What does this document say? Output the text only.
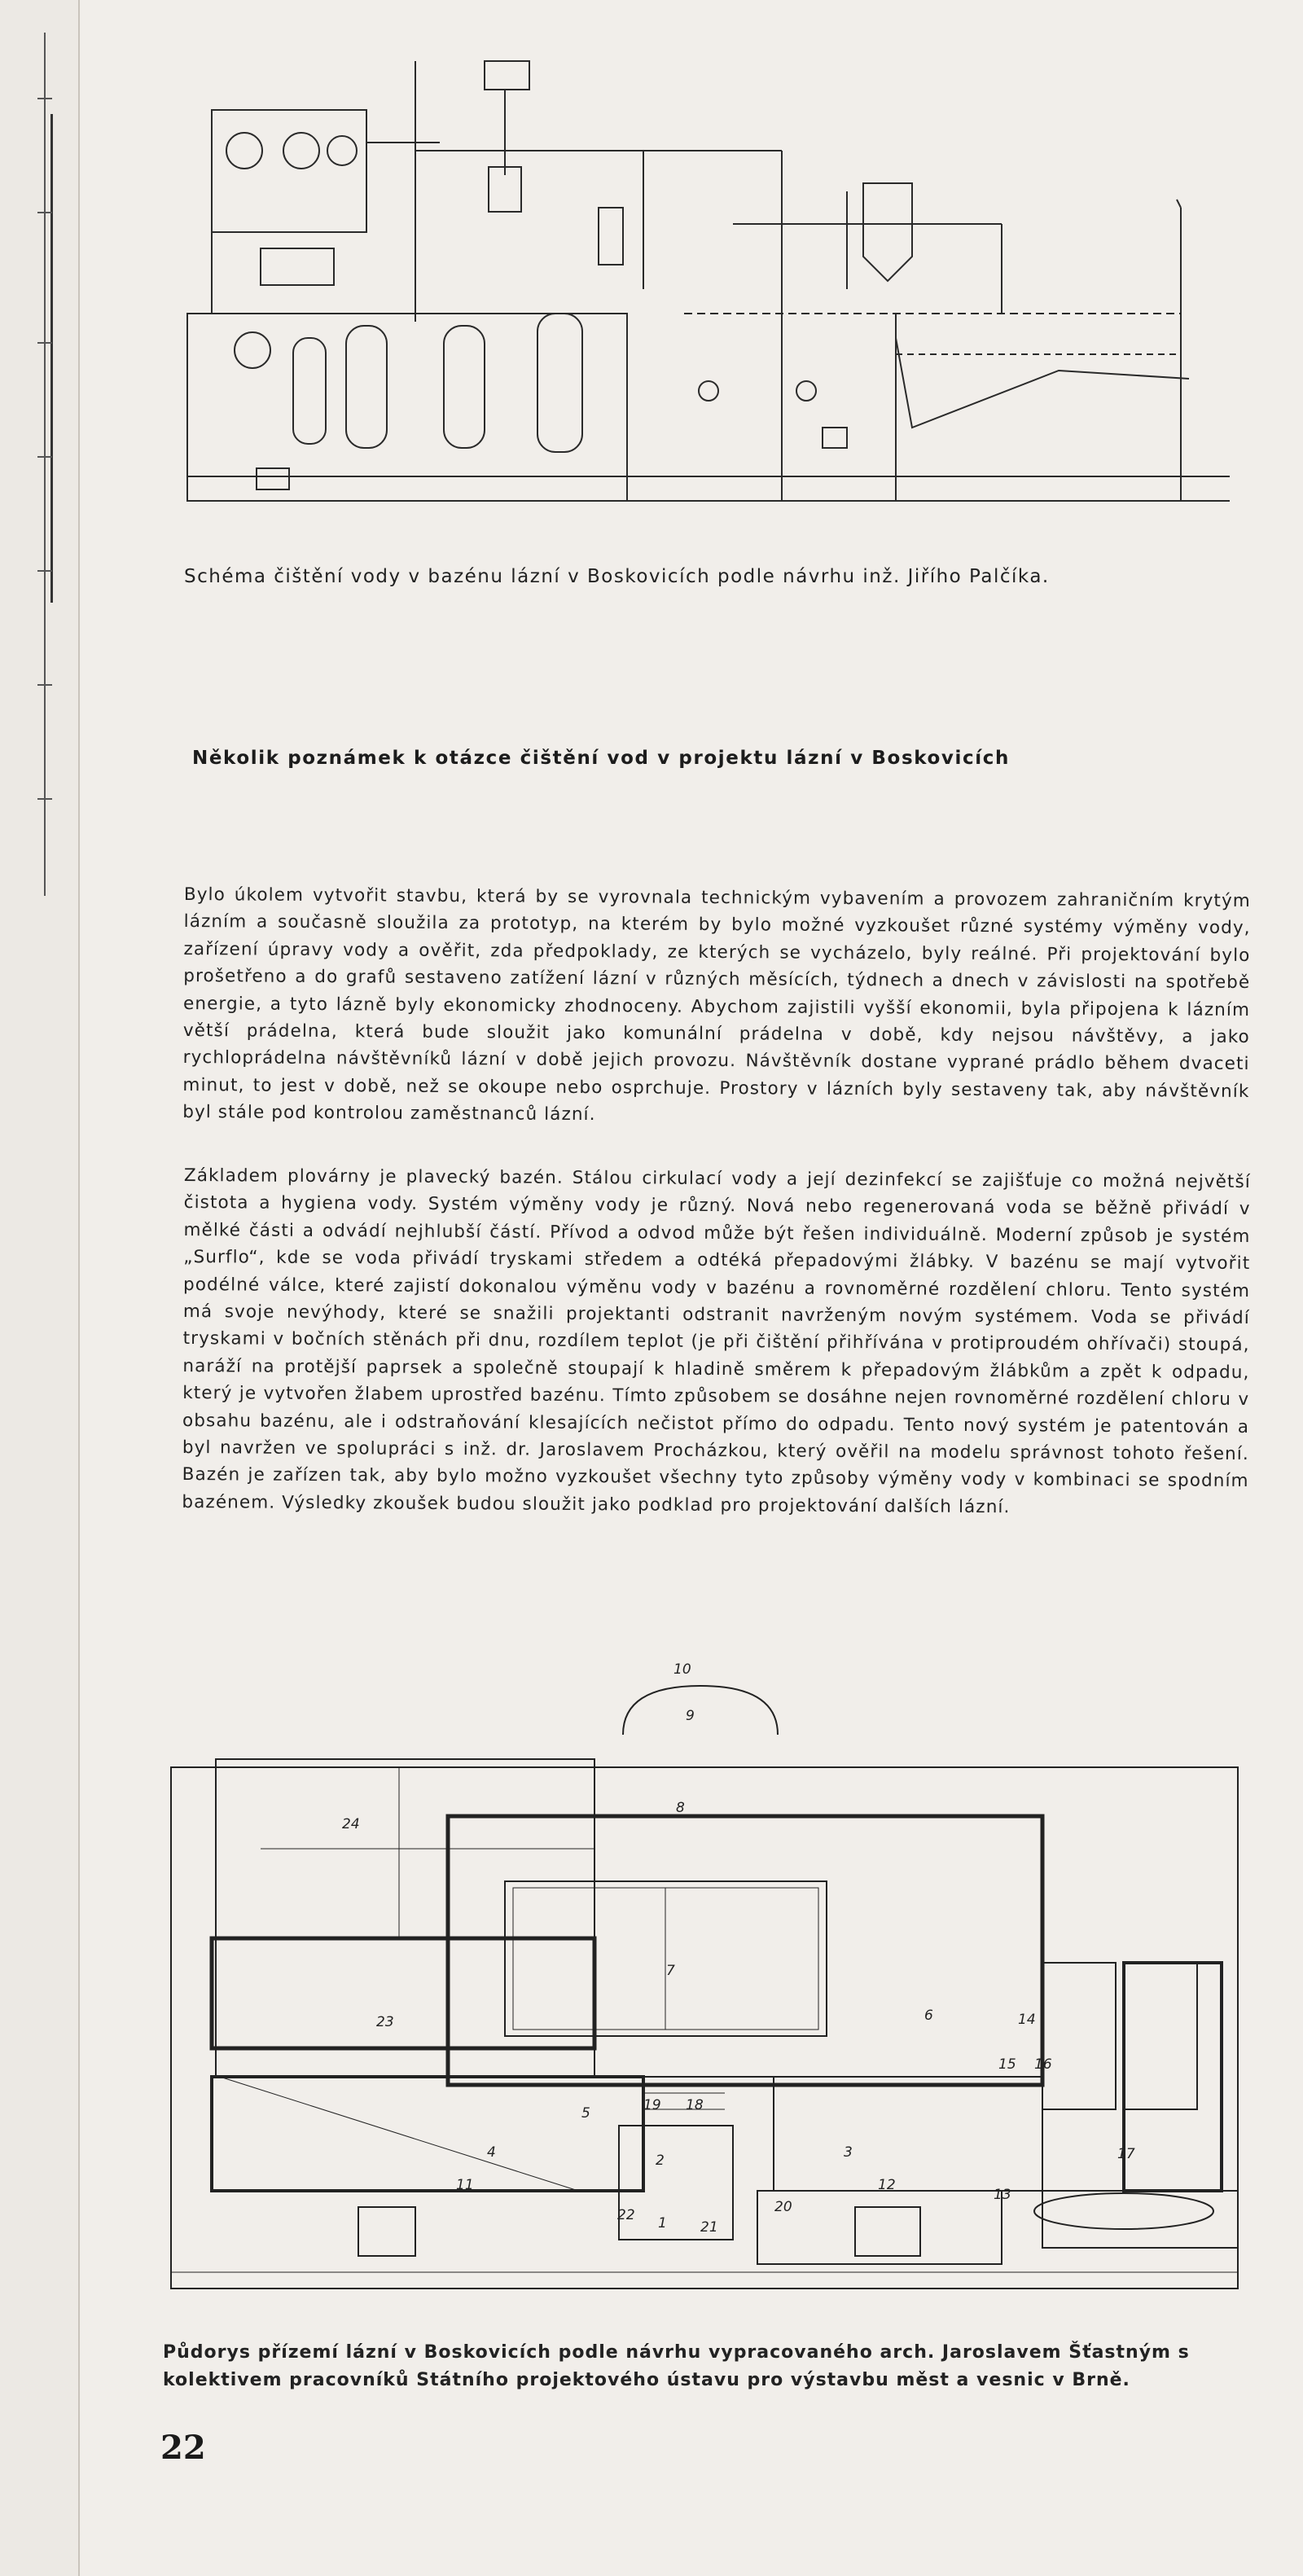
Schéma čištění vody v bazénu lázní v Boskovicích podle návrhu inž. Jiřího Palčíka.
Několik poznámek k otázce čištění vod v projektu lázní v Boskovicích

Bylo úkolem vytvořit stavbu, která by se vyrovnala technickým vybavením a provozem zahraničním krytým lázním a současně sloužila za prototyp, na kterém by bylo možné vyzkoušet různé systémy výměny vody, zařízení úpravy vody a ověřit, zda předpoklady, ze kterých se vycházelo, byly reálné. Při projektování bylo prošetřeno a do grafů sestaveno zatížení lázní v různých měsících, týdnech a dnech v závislosti na spotřebě energie, a tyto lázně byly ekonomicky zhodnoceny. Abychom zajistili vyšší ekonomii, byla připojena k lázním větší prádelna, která bude sloužit jako komunální prádelna v době, kdy nejsou návštěvy, a jako rychloprádelna návštěvníků lázní v době jejich provozu. Návštěvník dostane vyprané prádlo během dvaceti minut, to jest v době, než se okoupe nebo osprchuje. Prostory v lázních byly sestaveny tak, aby návštěvník byl stále pod kontrolou zaměstnanců lázní.

Základem plovárny je plavecký bazén. Stálou cirkulací vody a její dezinfekcí se zajišťuje co možná největší čistota a hygiena vody. Systém výměny vody je různý. Nová nebo regenerovaná voda se běžně přivádí v mělké části a odvádí nejhlubší částí. Přívod a odvod může být řešen individuálně. Moderní způsob je systém „Surflo“, kde se voda přivádí tryskami středem a odtéká přepadovými žlábky. V bazénu se mají vytvořit podélné válce, které zajistí dokonalou výměnu vody v bazénu a rovnoměrné rozdělení chloru. Tento systém má svoje nevýhody, které se snažili projektanti odstranit navrženým novým systémem. Voda se přivádí tryskami v bočních stěnách při dnu, rozdílem teplot (je při čištění přihřívána v protiproudém ohřívači) stoupá, naráží na protější paprsek a společně stoupají k hladině směrem k přepadovým žlábkům a zpět k odpadu, který je vytvořen žlabem uprostřed bazénu. Tímto způsobem se dosáhne nejen rovnoměrné rozdělení chloru v obsahu bazénu, ale i odstraňování klesajících nečistot přímo do odpadu. Tento nový systém je patentován a byl navržen ve spolupráci s inž. dr. Jaroslavem Procházkou, který ověřil na modelu správnost tohoto řešení. Bazén je zařízen tak, aby bylo možno vyzkoušet všechny tyto způsoby výměny vody v kombinaci se spodním bazénem. Výsledky zkoušek budou sloužit jako podklad pro projektování dalších lázní.

10
9
8
24
7
23	6	14
15 16
5	19 18
3
2
4
11	12
17
13
22 1 21
20
Půdorys přízemí lázní v Boskovicích podle návrhu vypracovaného arch. Jaroslavem Šťastným s kolektivem pracovníků Státního projektového ústavu pro výstavbu měst a vesnic v Brně.
22
